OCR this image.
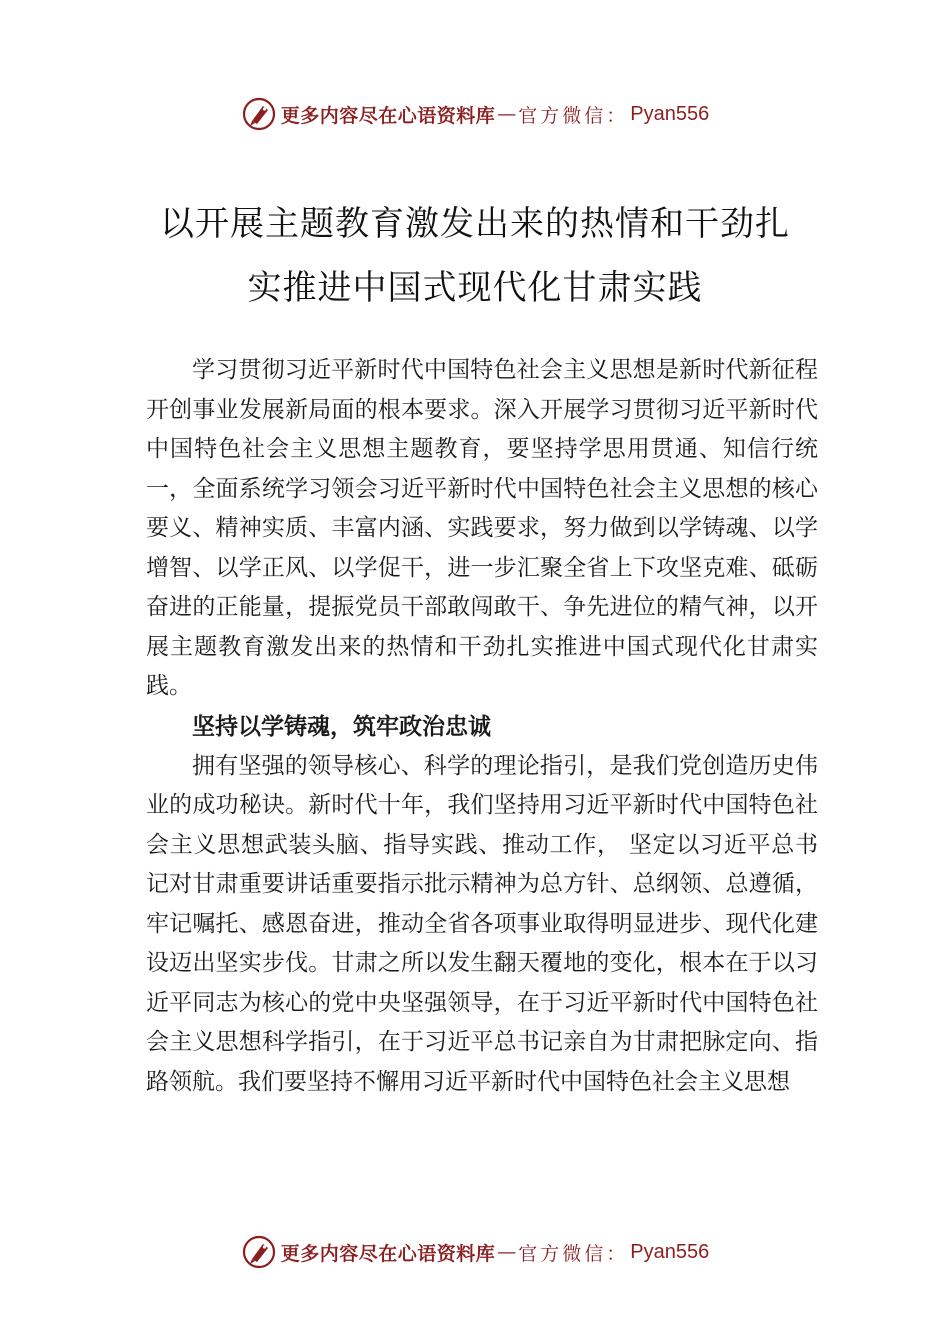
更多内容尽在心语资料库 — 官方微信： Pyan556
以开展主题教育激发出来的热情和干劲扎
实推进中国式现代化甘肃实践

学习贯彻习近平新时代中国特色社会主义思想是新时代新征程开创事业发展新局面的根本要求。深入开展学习贯彻习近平新时代中国特色社会主义思想主题教育，要坚持学思用贯通、知信行统一，全面系统学习领会习近平新时代中国特色社会主义思想的核心要义、精神实质、丰富内涵、实践要求，努力做到以学铸魂、以学增智、以学正风、以学促干，进一步汇聚全省上下攻坚克难、砥砺奋进的正能量，提振党员干部敢闯敢干、争先进位的精气神，以开展主题教育激发出来的热情和干劲扎实推进中国式现代化甘肃实践。

坚持以学铸魂，筑牢政治忠诚

拥有坚强的领导核心、科学的理论指引，是我们党创造历史伟业的成功秘诀。新时代十年，我们坚持用习近平新时代中国特色社会主义思想武装头脑、指导实践、推动工作， 坚定以习近平总书记对甘肃重要讲话重要指示批示精神为总方针、总纲领、总遵循，牢记嘱托、感恩奋进，推动全省各项事业取得明显进步、现代化建设迈出坚实步伐。甘肃之所以发生翻天覆地的变化，根本在于以习近平同志为核心的党中央坚强领导，在于习近平新时代中国特色社会主义思想科学指引，在于习近平总书记亲自为甘肃把脉定向、指路领航。我们要坚持不懈用习近平新时代中国特色社会主义思想

更多内容尽在心语资料库 — 官方微信： Pyan556
